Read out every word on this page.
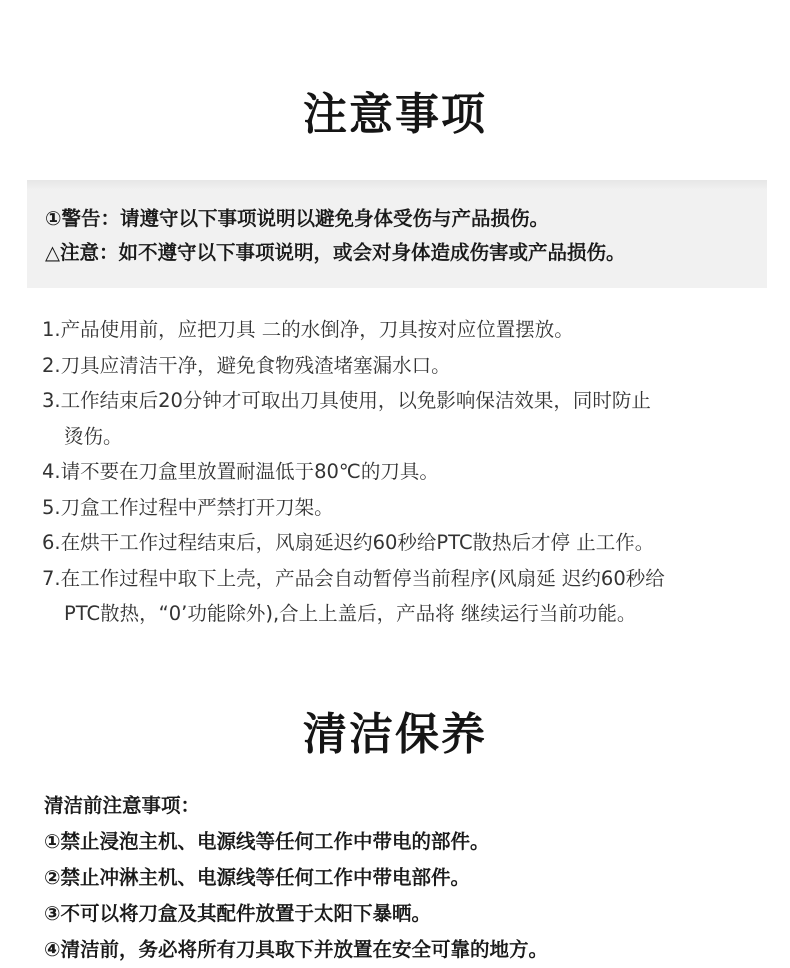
注意事项
①警告：请遵守以下事项说明以避免身体受伤与产品损伤。
△注意：如不遵守以下事项说明，或会对身体造成伤害或产品损伤。
1.产品使用前，应把刀具 二的水倒净，刀具按对应位置摆放。
2.刀具应清洁干净，避免食物残渣堵塞漏水口。
3.工作结束后20分钟才可取出刀具使用，以免影响保洁效果，同时防止
烫伤。
4.请不要在刀盒里放置耐温低于80℃的刀具。
5.刀盒工作过程中严禁打开刀架。
6.在烘干工作过程结束后，风扇延迟约60秒给PTC散热后才停 止工作。
7.在工作过程中取下上壳，产品会自动暂停当前程序(风扇延 迟约60秒给
PTC散热，“0’功能除外),合上上盖后，产品将 继续运行当前功能。
清洁保养
清洁前注意事项：
①禁止浸泡主机、电源线等任何工作中带电的部件。
②禁止冲淋主机、电源线等任何工作中带电部件。
③不可以将刀盒及其配件放置于太阳下暴晒。
④清洁前，务必将所有刀具取下并放置在安全可靠的地方。
